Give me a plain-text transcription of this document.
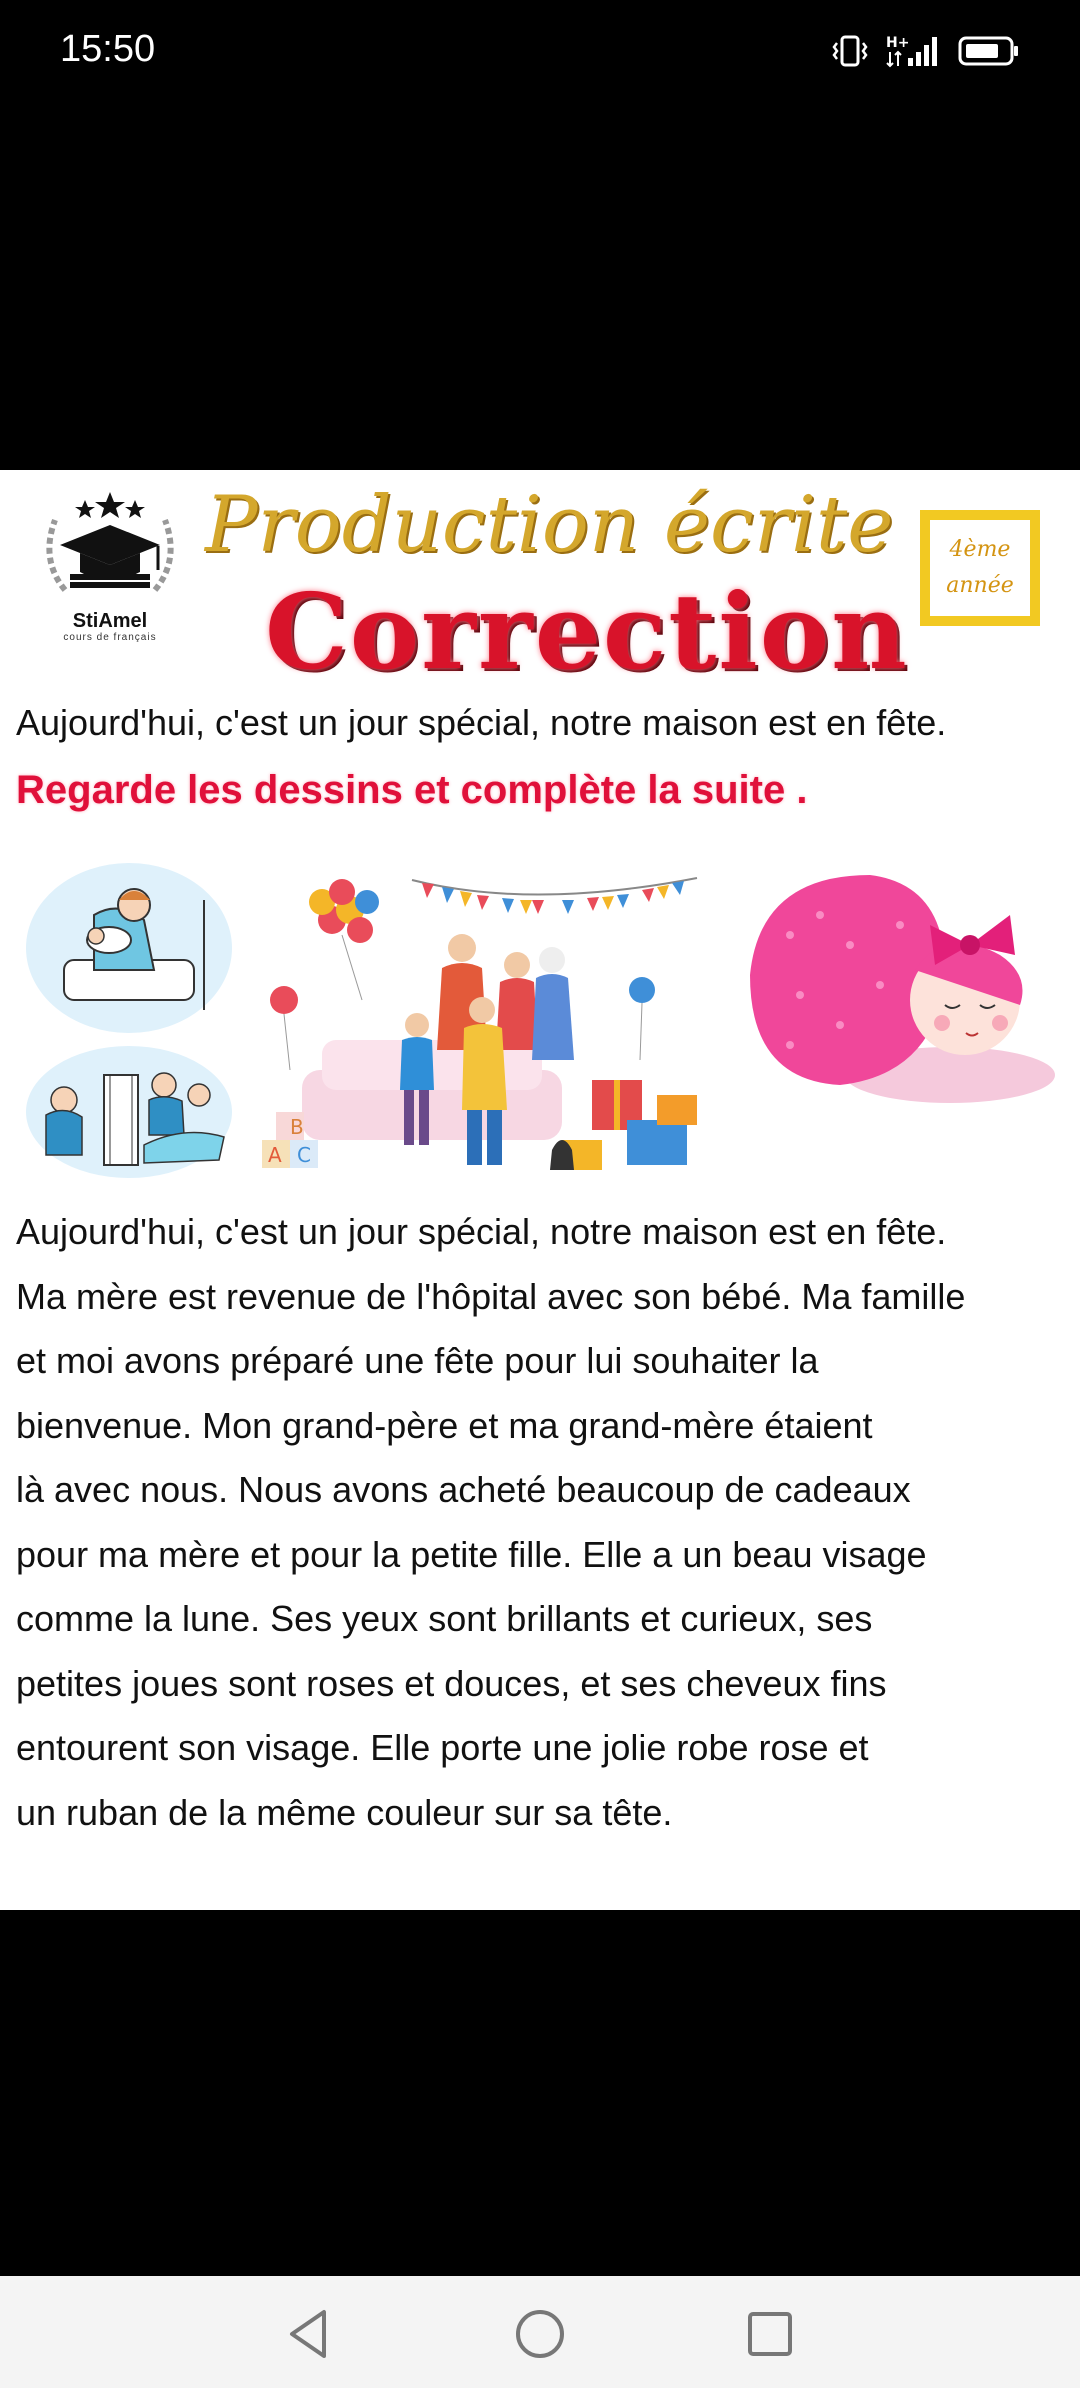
15:50	H+
StiAmel
cours de français
Production écrite
Correction
4ème
année
Aujourd'hui, c'est un jour spécial, notre maison est en fête.
Regarde les dessins et complète la suite .
B
A C
Aujourd'hui, c'est un jour spécial, notre maison est en fête.
Ma mère est revenue de l'hôpital avec son bébé. Ma famille
et moi avons préparé une fête pour lui souhaiter la
bienvenue. Mon grand-père et ma grand-mère étaient
là avec nous. Nous avons acheté beaucoup de cadeaux
pour ma mère et pour la petite fille. Elle a un beau visage
comme la lune. Ses yeux sont brillants et curieux, ses
petites joues sont roses et douces, et ses cheveux fins
entourent son visage. Elle porte une jolie robe rose et
un ruban de la même couleur sur sa tête.
